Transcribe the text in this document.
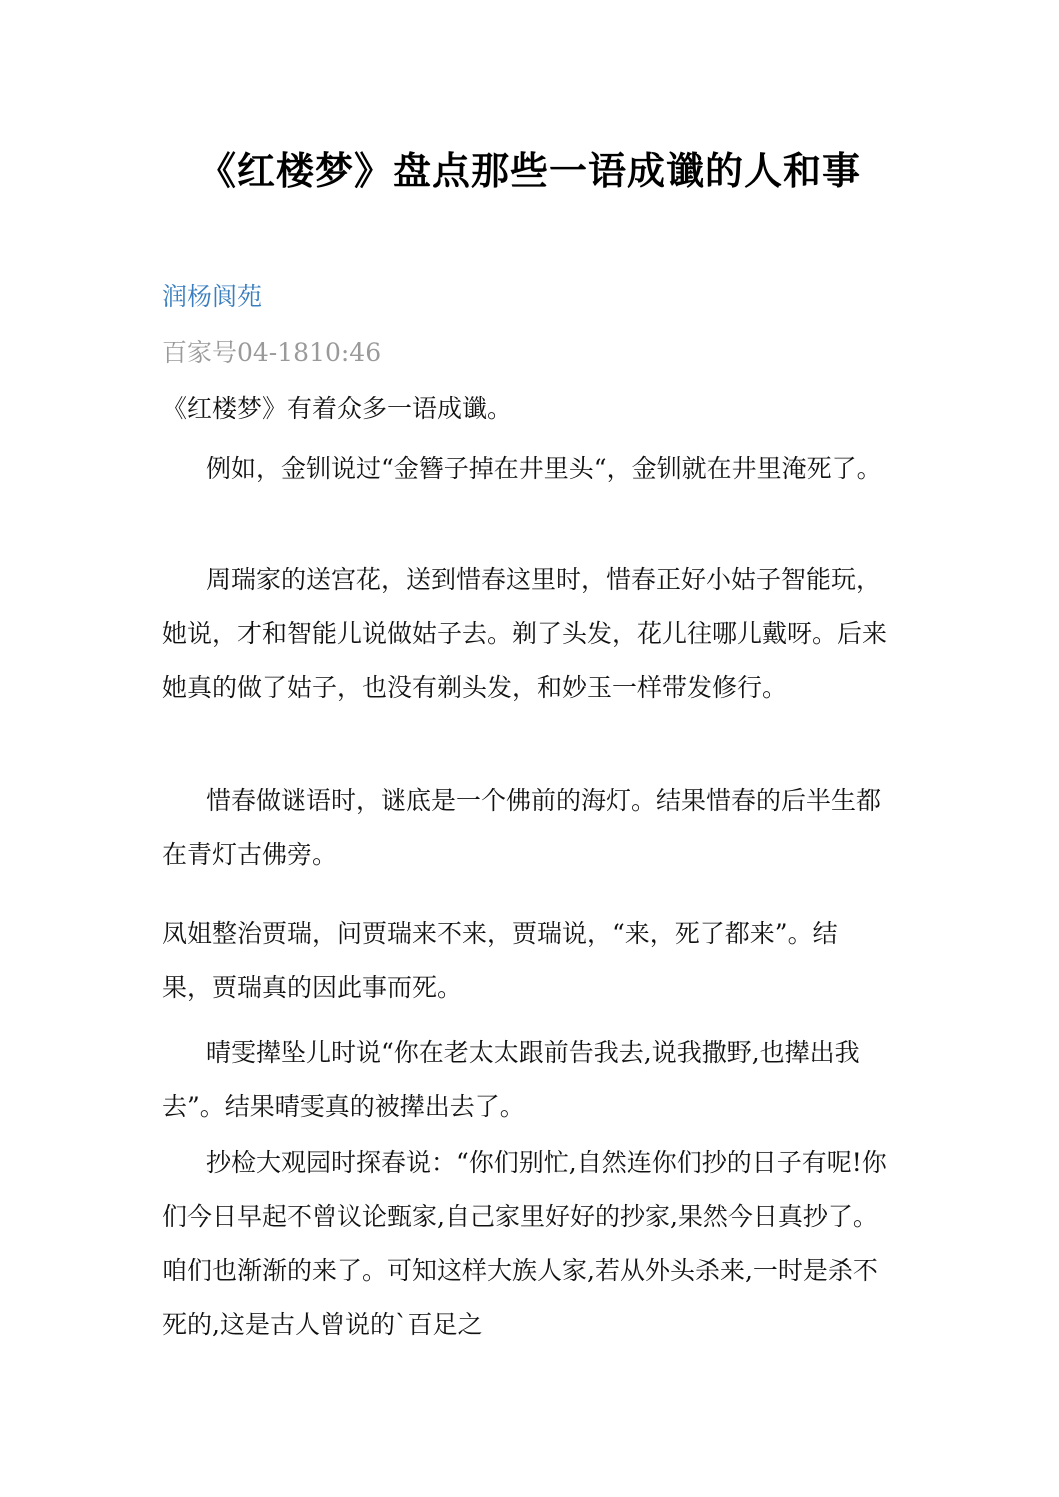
《红楼梦》盘点那些一语成谶的人和事
润杨阆苑
百家号04-1810:46

《红楼梦》有着众多一语成谶。

例如，金钏说过“金簪子掉在井里头“，金钏就在井里淹死了。

周瑞家的送宫花，送到惜春这里时，惜春正好小姑子智能玩，她说，才和智能儿说做姑子去。剃了头发，花儿往哪儿戴呀。后来她真的做了姑子，也没有剃头发，和妙玉一样带发修行。

惜春做谜语时，谜底是一个佛前的海灯。结果惜春的后半生都在青灯古佛旁。

凤姐整治贾瑞，问贾瑞来不来，贾瑞说，“来，死了都来”。结果，贾瑞真的因此事而死。

晴雯撵坠儿时说“你在老太太跟前告我去,说我撒野,也撵出我去”。结果晴雯真的被撵出去了。

抄检大观园时探春说：“你们别忙,自然连你们抄的日子有呢!你们今日早起不曾议论甄家,自己家里好好的抄家,果然今日真抄了。咱们也渐渐的来了。可知这样大族人家,若从外头杀来,一时是杀不死的,这是古人曾说的`百足之
